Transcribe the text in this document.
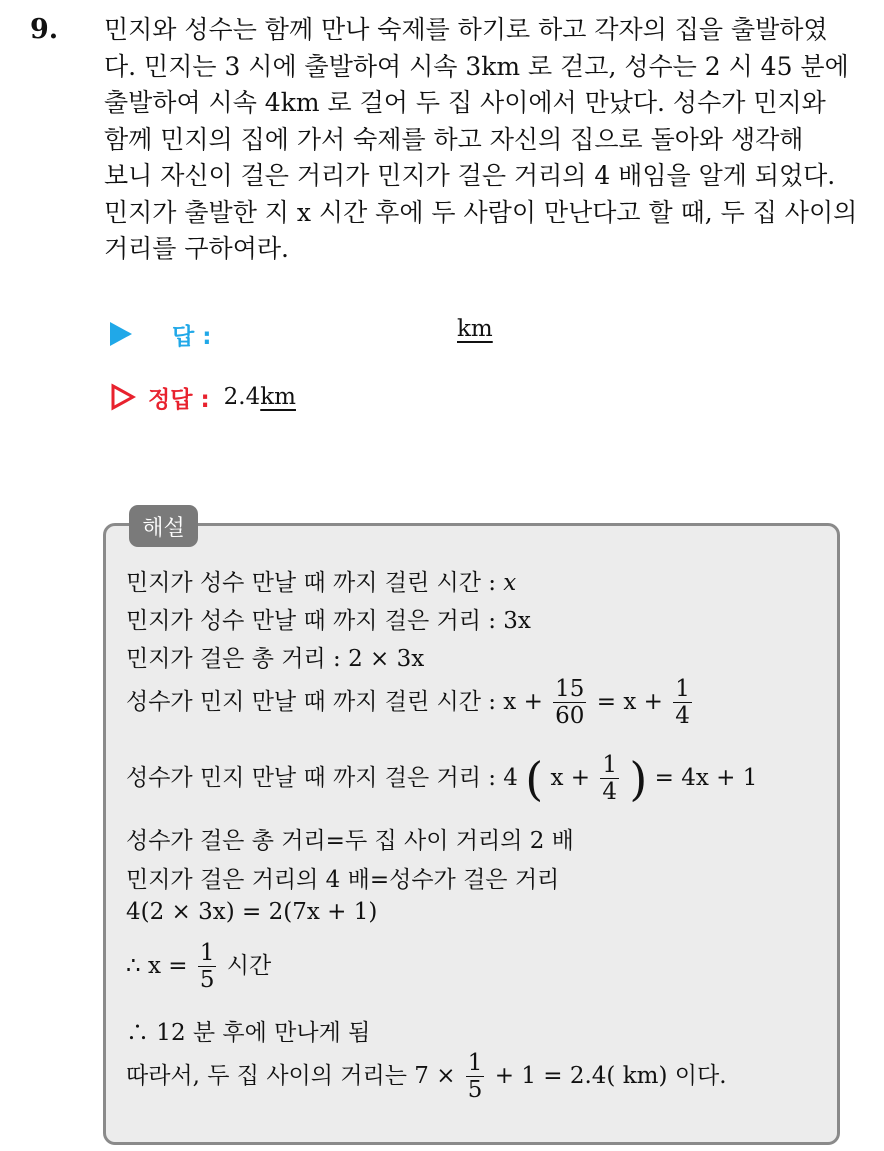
9. 민지와 성수는 함께 만나 숙제를 하기로 하고 각자의 집을 출발하였
다. 민지는 3 시에 출발하여 시속 3km 로 걷고, 성수는 2 시 45 분에
출발하여 시속 4km 로 걸어 두 집 사이에서 만났다. 성수가 민지와
함께 민지의 집에 가서 숙제를 하고 자신의 집으로 돌아와 생각해
보니 자신이 걸은 거리가 민지가 걸은 거리의 4 배임을 알게 되었다.
민지가 출발한 지 x 시간 후에 두 사람이 만난다고 할 때, 두 집 사이의
거리를 구하여라.
답 :	km
정답 : 2.4km
해설
민지가 성수 만날 때 까지 걸린 시간 : x
민지가 성수 만날 때 까지 걸은 거리 : 3x
민지가 걸은 총 거리 : 2 × 3x
성수가 민지 만날 때 까지 걸린 시간 : $x + \frac{15}{60} = x + \frac{1}{4}$
성수가 민지 만날 때 까지 걸은 거리 : 4 ( $x + \frac{1}{4}$ ) = 4x + 1
성수가 걸은 총 거리=두 집 사이 거리의 2 배
민지가 걸은 거리의 4 배=성수가 걸은 거리
4(2 × 3x) = 2(7x + 1)
∴ $x = \frac{1}{5}$ 시간
∴ 12 분 후에 만나게 됨
따라서, 두 집 사이의 거리는 $7 \times \frac{1}{5} + 1 = 2.4$( km) 이다.
